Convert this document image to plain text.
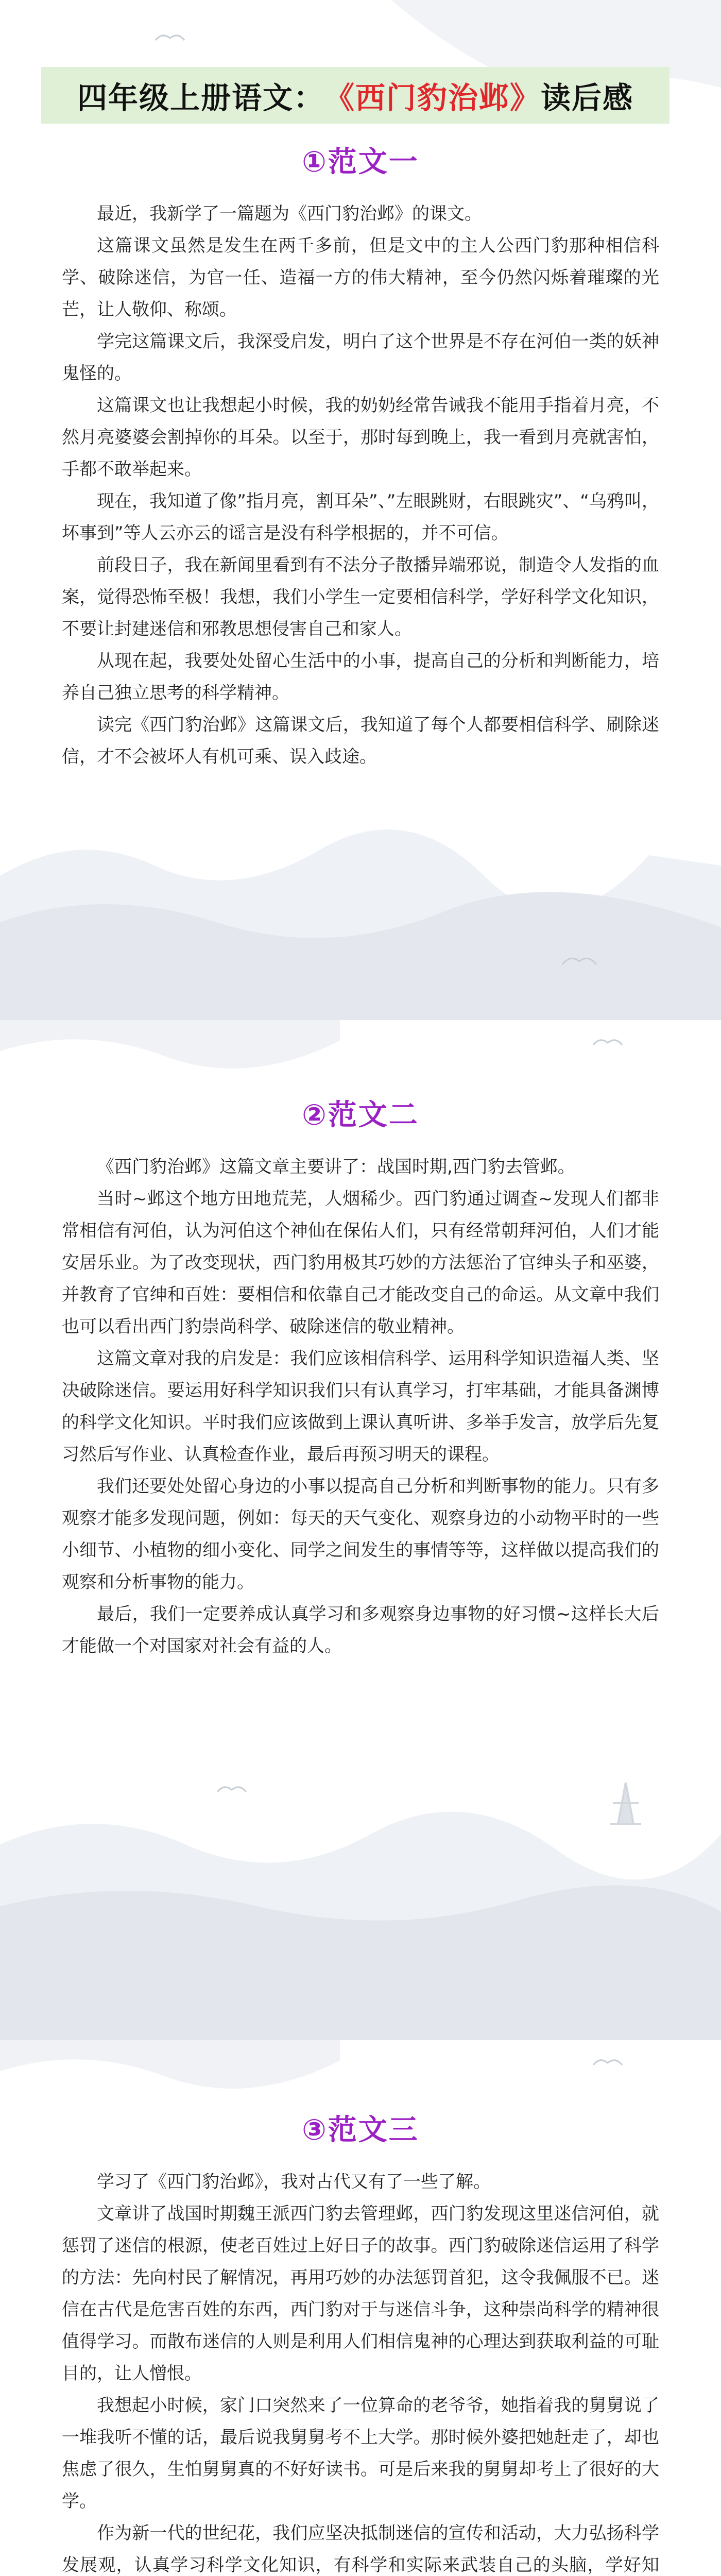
四年级上册语文： 《西门豹治邺》 读后感
①范文一

最近，我新学了一篇题为《西门豹治邺》的课文。

这篇课文虽然是发生在两千多前，但是文中的主人公西门豹那种相信科学、破除迷信，为官一任、造福一方的伟大精神，至今仍然闪烁着璀璨的光芒，让人敬仰、称颂。

学完这篇课文后，我深受启发，明白了这个世界是不存在河伯一类的妖神鬼怪的。

这篇课文也让我想起小时候，我的奶奶经常告诫我不能用手指着月亮，不然月亮婆婆会割掉你的耳朵。以至于，那时每到晚上，我一看到月亮就害怕，手都不敢举起来。

现在，我知道了像”指月亮，割耳朵”、”左眼跳财，右眼跳灾”、“乌鸦叫，坏事到”等人云亦云的谣言是没有科学根据的，并不可信。

前段日子，我在新闻里看到有不法分子散播异端邪说，制造令人发指的血案，觉得恐怖至极！我想，我们小学生一定要相信科学，学好科学文化知识，不要让封建迷信和邪教思想侵害自己和家人。

从现在起，我要处处留心生活中的小事，提高自己的分析和判断能力，培养自己独立思考的科学精神。

读完《西门豹治邺》这篇课文后，我知道了每个人都要相信科学、刷除迷信，才不会被坏人有机可乘、误入歧途。

②范文二

《西门豹治邺》这篇文章主要讲了：战国时期,西门豹去管邺。

当时~邺这个地方田地荒芜，人烟稀少。西门豹通过调查~发现人们都非常相信有河伯，认为河伯这个神仙在保佑人们，只有经常朝拜河伯，人们才能安居乐业。为了改变现状，西门豹用极其巧妙的方法惩治了官绅头子和巫婆，并教育了官绅和百姓：要相信和依靠自己才能改变自己的命运。从文章中我们也可以看出西门豹崇尚科学、破除迷信的敬业精神。

这篇文章对我的启发是：我们应该相信科学、运用科学知识造福人类、坚决破除迷信。要运用好科学知识我们只有认真学习，打牢基础，才能具备渊博的科学文化知识。平时我们应该做到上课认真听讲、多举手发言，放学后先复习然后写作业、认真检查作业，最后再预习明天的课程。

我们还要处处留心身边的小事以提高自己分析和判断事物的能力。只有多观察才能多发现问题，例如：每天的天气变化、观察身边的小动物平时的一些小细节、小植物的细小变化、同学之间发生的事情等等，这样做以提高我们的观察和分析事物的能力。

最后，我们一定要养成认真学习和多观察身边事物的好习惯~这样长大后才能做一个对国家对社会有益的人。

③范文三

学习了《西门豹治邺》，我对古代又有了一些了解。

文章讲了战国时期魏王派西门豹去管理邺，西门豹发现这里迷信河伯，就惩罚了迷信的根源，使老百姓过上好日子的故事。西门豹破除迷信运用了科学的方法：先向村民了解情况，再用巧妙的办法惩罚首犯，这令我佩服不已。迷信在古代是危害百姓的东西，西门豹对于与迷信斗争，这种崇尚科学的精神很值得学习。而散布迷信的人则是利用人们相信鬼神的心理达到获取利益的可耻目的，让人憎恨。

我想起小时候，家门口突然来了一位算命的老爷爷，她指着我的舅舅说了一堆我听不懂的话，最后说我舅舅考不上大学。那时候外婆把她赶走了，却也焦虑了很久，生怕舅舅真的不好好读书。可是后来我的舅舅却考上了很好的大学。

作为新一代的世纪花，我们应坚决抵制迷信的宣传和活动，大力弘扬科学发展观，认真学习科学文化知识，有科学和实际来武装自己的头脑，学好知
